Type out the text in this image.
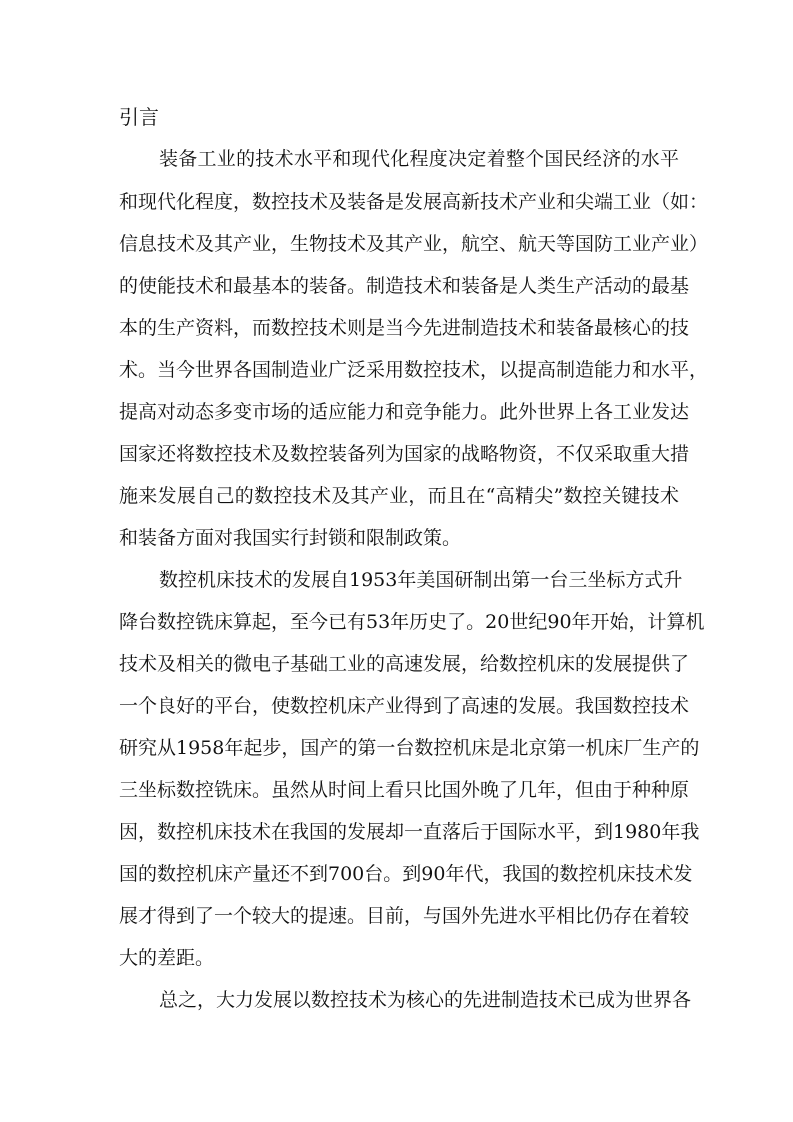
引言

装备工业的技术水平和现代化程度决定着整个国民经济的水平

和现代化程度，数控技术及装备是发展高新技术产业和尖端工业（如：

信息技术及其产业，生物技术及其产业，航空、航天等国防工业产业）

的使能技术和最基本的装备。制造技术和装备是人类生产活动的最基

本的生产资料，而数控技术则是当今先进制造技术和装备最核心的技

术。当今世界各国制造业广泛采用数控技术，以提高制造能力和水平，

提高对动态多变市场的适应能力和竞争能力。此外世界上各工业发达

国家还将数控技术及数控装备列为国家的战略物资，不仅采取重大措

施来发展自己的数控技术及其产业，而且在“高精尖”数控关键技术

和装备方面对我国实行封锁和限制政策。

数控机床技术的发展自1953年美国研制出第一台三坐标方式升

降台数控铣床算起，至今已有53年历史了。20世纪90年开始，计算机

技术及相关的微电子基础工业的高速发展，给数控机床的发展提供了

一个良好的平台，使数控机床产业得到了高速的发展。我国数控技术

研究从1958年起步，国产的第一台数控机床是北京第一机床厂生产的

三坐标数控铣床。虽然从时间上看只比国外晚了几年，但由于种种原

因，数控机床技术在我国的发展却一直落后于国际水平，到1980年我

国的数控机床产量还不到700台。到90年代，我国的数控机床技术发

展才得到了一个较大的提速。目前，与国外先进水平相比仍存在着较

大的差距。

总之，大力发展以数控技术为核心的先进制造技术已成为世界各
